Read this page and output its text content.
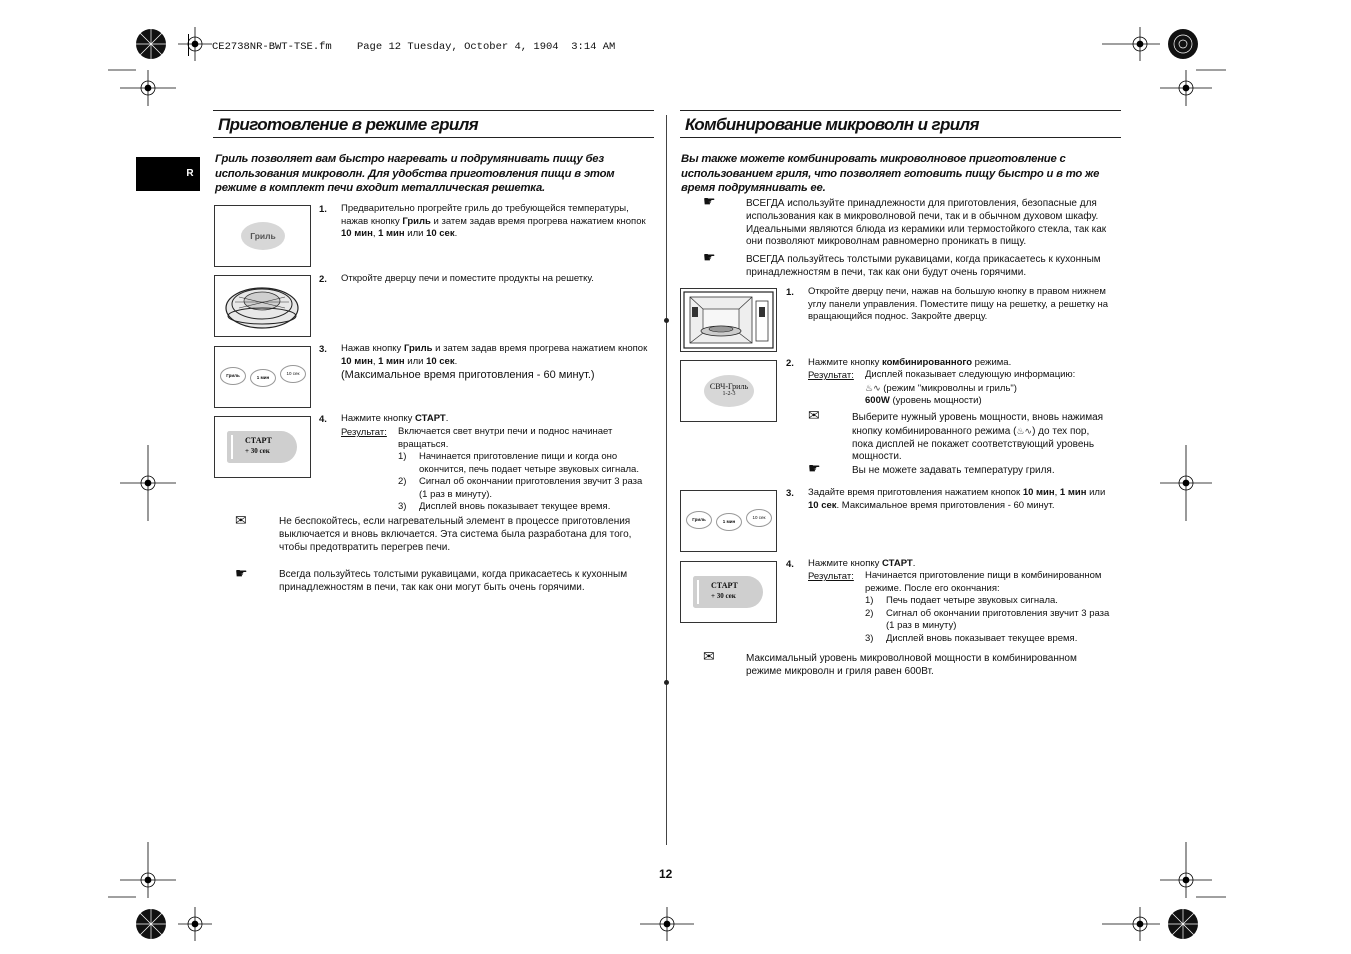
CE2738NR-BWT-TSE.fm Page 12 Tuesday, October 4, 1904 3:14 AM
R
Приготовление в режиме гриля
Гриль позволяет вам быстро нагревать и подрумянивать пищу без
использования микроволн. Для удобства приготовления пищи в этом
режиме в комплект печи входит металлическая решетка.
Гриль
Гриль	1 мин
10 сек
СТАРТ
+ 30 сек
1. Предварительно прогрейте гриль до требующейся температуры,
нажав кнопку Гриль и затем задав время прогрева нажатием кнопок
10 мин, 1 мин или 10 сек.
2. Откройте дверцу печи и поместите продукты на решетку.
3. Нажав кнопку Гриль и затем задав время прогрева нажатием кнопок
10 мин, 1 мин или 10 сек.
(Максимальное время приготовления - 60 минут.)
4. Нажмите кнопку СТАРТ.
Результат: Включается свет внутри печи и поднос начинает
вращаться.
1) Начинается приготовление пищи и когда оно
окончится, печь подает четыре звуковых сигнала.
2) Сигнал об окончании приготовления звучит 3 раза
(1 раз в минуту).
3) Дисплей вновь показывает текущее время.
✉	Не беспокойтесь, если нагревательный элемент в процессе приготовления
выключается и вновь включается. Эта система была разработана для того,
чтобы предотвратить перегрев печи.
☛	Всегда пользуйтесь толстыми рукавицами, когда прикасаетесь к кухонным
принадлежностям в печи, так как они могут быть очень горячими.
Комбинирование микроволн и гриля
Вы также можете комбинировать микроволновое приготовление с
использованием гриля, что позволяет готовить пищу быстро и в то же
время подрумянивать ее.
☛	ВСЕГДА используйте принадлежности для приготовления, безопасные для
использования как в микроволновой печи, так и в обычном духовом шкафу.
Идеальными являются блюда из керамики или термостойкого стекла, так как
они позволяют микроволнам равномерно проникать в пищу.
☛	ВСЕГДА пользуйтесь толстыми рукавицами, когда прикасаетесь к кухонным
принадлежностям в печи, так как они будут очень горячими.
СВЧ-Гриль
1-2-3
Гриль	1 мин
10 сек
СТАРТ
+ 30 сек
1. Откройте дверцу печи, нажав на большую кнопку в правом нижнем
углу панели управления. Поместите пищу на решетку, а решетку на
вращающийся поднос. Закройте дверцу.
2. Нажмите кнопку комбинированного режима.
Результат: Дисплей показывает следующую информацию:
♨∿ (режим "микроволны и гриль")
600W (уровень мощности)
✉	Выберите нужный уровень мощности, вновь нажимая
кнопку комбинированного режима (♨∿) до тех пор,
пока дисплей не покажет соответствующий уровень
мощности.
☛	Вы не можете задавать температуру гриля.
3. Задайте время приготовления нажатием кнопок 10 мин, 1 мин или
10 сек. Максимальное время приготовления - 60 минут.
4. Нажмите кнопку СТАРТ.
Результат: Начинается приготовление пищи в комбинированном
режиме. После его окончания:
1) Печь подает четыре звуковых сигнала.
2) Сигнал об окончании приготовления звучит 3 раза
(1 раз в минуту)
3) Дисплей вновь показывает текущее время.
✉	Максимальный уровень микроволновой мощности в комбинированном
режиме микроволн и гриля равен 600Вт.
12
